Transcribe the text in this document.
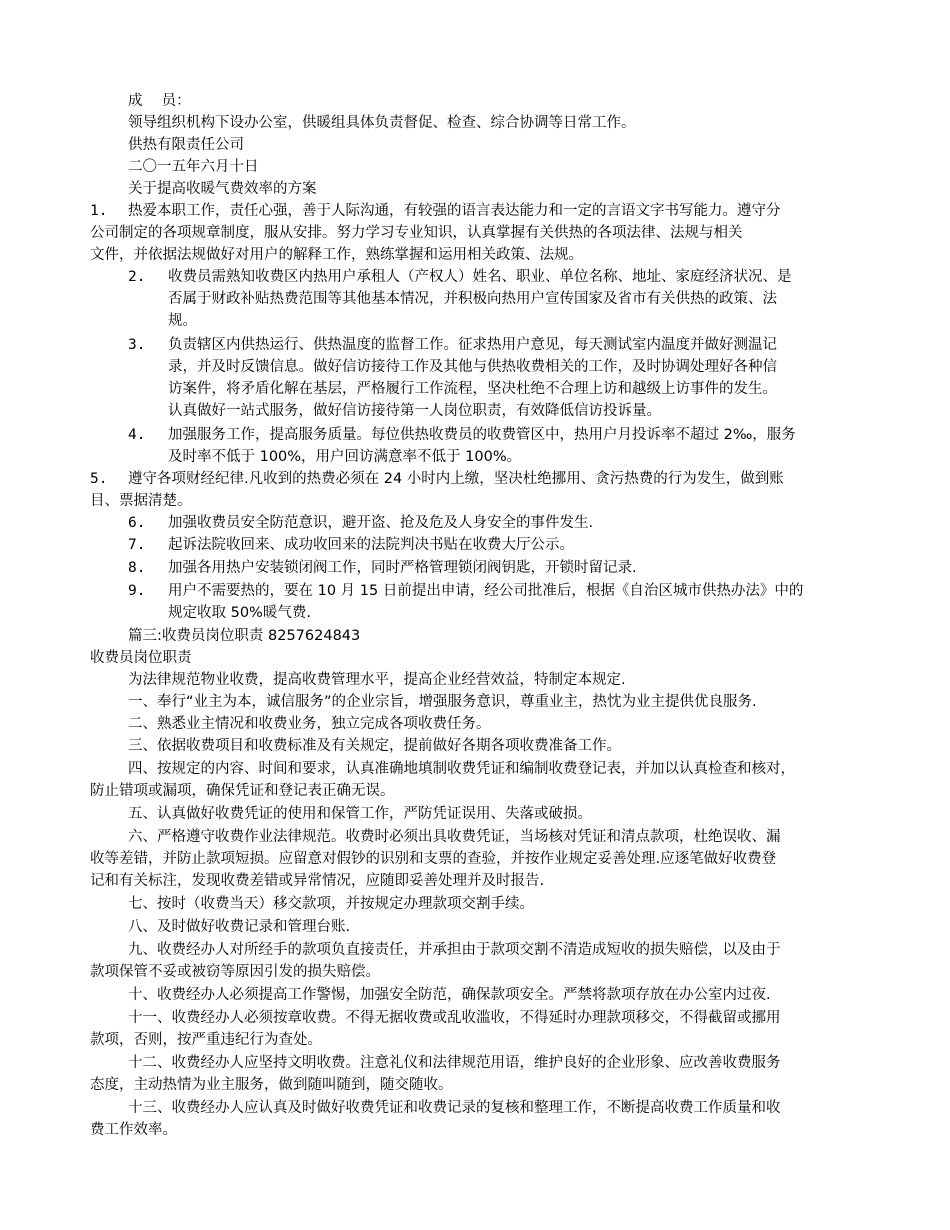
成　 员：
领导组织机构下设办公室，供暖组具体负责督促、检查、综合协调等日常工作。
供热有限责任公司
二〇一五年六月十日
关于提高收暖气费效率的方案
1. 热爱本职工作，责任心强，善于人际沟通，有较强的语言表达能力和一定的言语文字书写能力。遵守分
公司制定的各项规章制度，服从安排。努力学习专业知识，认真掌握有关供热的各项法律、法规与相关
文件，并依据法规做好对用户的解释工作，熟练掌握和运用相关政策、法规。
2. 收费员需熟知收费区内热用户承租人（产权人）姓名、职业、单位名称、地址、家庭经济状况、是
否属于财政补贴热费范围等其他基本情况，并积极向热用户宣传国家及省市有关供热的政策、法
规。
3. 负责辖区内供热运行、供热温度的监督工作。征求热用户意见，每天测试室内温度并做好测温记
录，并及时反馈信息。做好信访接待工作及其他与供热收费相关的工作，及时协调处理好各种信
访案件，将矛盾化解在基层，严格履行工作流程，坚决杜绝不合理上访和越级上访事件的发生。
认真做好一站式服务，做好信访接待第一人岗位职责，有效降低信访投诉量。
4. 加强服务工作，提高服务质量。每位供热收费员的收费管区中，热用户月投诉率不超过 2‰，服务
及时率不低于 100%，用户回访满意率不低于 100%。
5. 遵守各项财经纪律.凡收到的热费必须在 24 小时内上缴，坚决杜绝挪用、贪污热费的行为发生，做到账
目、票据清楚。
6. 加强收费员安全防范意识，避开盗、抢及危及人身安全的事件发生.
7. 起诉法院收回来、成功收回来的法院判决书贴在收费大厅公示。
8. 加强各用热户安装锁闭阀工作，同时严格管理锁闭阀钥匙，开锁时留记录.
9. 用户不需要热的，要在 10 月 15 日前提出申请，经公司批准后，根据《自治区城市供热办法》中的
规定收取 50%暖气费.
篇三:收费员岗位职责 8257624843
收费员岗位职责
为法律规范物业收费，提高收费管理水平，提高企业经营效益，特制定本规定.
一、奉行“业主为本，诚信服务”的企业宗旨，增强服务意识，尊重业主，热忱为业主提供优良服务.
二、熟悉业主情况和收费业务，独立完成各项收费任务。
三、依据收费项目和收费标准及有关规定，提前做好各期各项收费准备工作。
四、按规定的内容、时间和要求，认真准确地填制收费凭证和编制收费登记表，并加以认真检查和核对，
防止错项或漏项，确保凭证和登记表正确无误。
五、认真做好收费凭证的使用和保管工作，严防凭证误用、失落或破损。
六、严格遵守收费作业法律规范。收费时必须出具收费凭证，当场核对凭证和清点款项，杜绝误收、漏
收等差错，并防止款项短损。应留意对假钞的识别和支票的查验，并按作业规定妥善处理.应逐笔做好收费登
记和有关标注，发现收费差错或异常情况，应随即妥善处理并及时报告.
七、按时（收费当天）移交款项，并按规定办理款项交割手续。
八、及时做好收费记录和管理台账.
九、收费经办人对所经手的款项负直接责任，并承担由于款项交割不清造成短收的损失赔偿，以及由于
款项保管不妥或被窃等原因引发的损失赔偿。
十、收费经办人必须提高工作警惕，加强安全防范，确保款项安全。严禁将款项存放在办公室内过夜.
十一、收费经办人必须按章收费。不得无据收费或乱收滥收，不得延时办理款项移交，不得截留或挪用
款项，否则，按严重违纪行为查处。
十二、收费经办人应坚持文明收费。注意礼仪和法律规范用语，维护良好的企业形象、应改善收费服务
态度，主动热情为业主服务，做到随叫随到，随交随收。
十三、收费经办人应认真及时做好收费凭证和收费记录的复核和整理工作，不断提高收费工作质量和收
费工作效率。
